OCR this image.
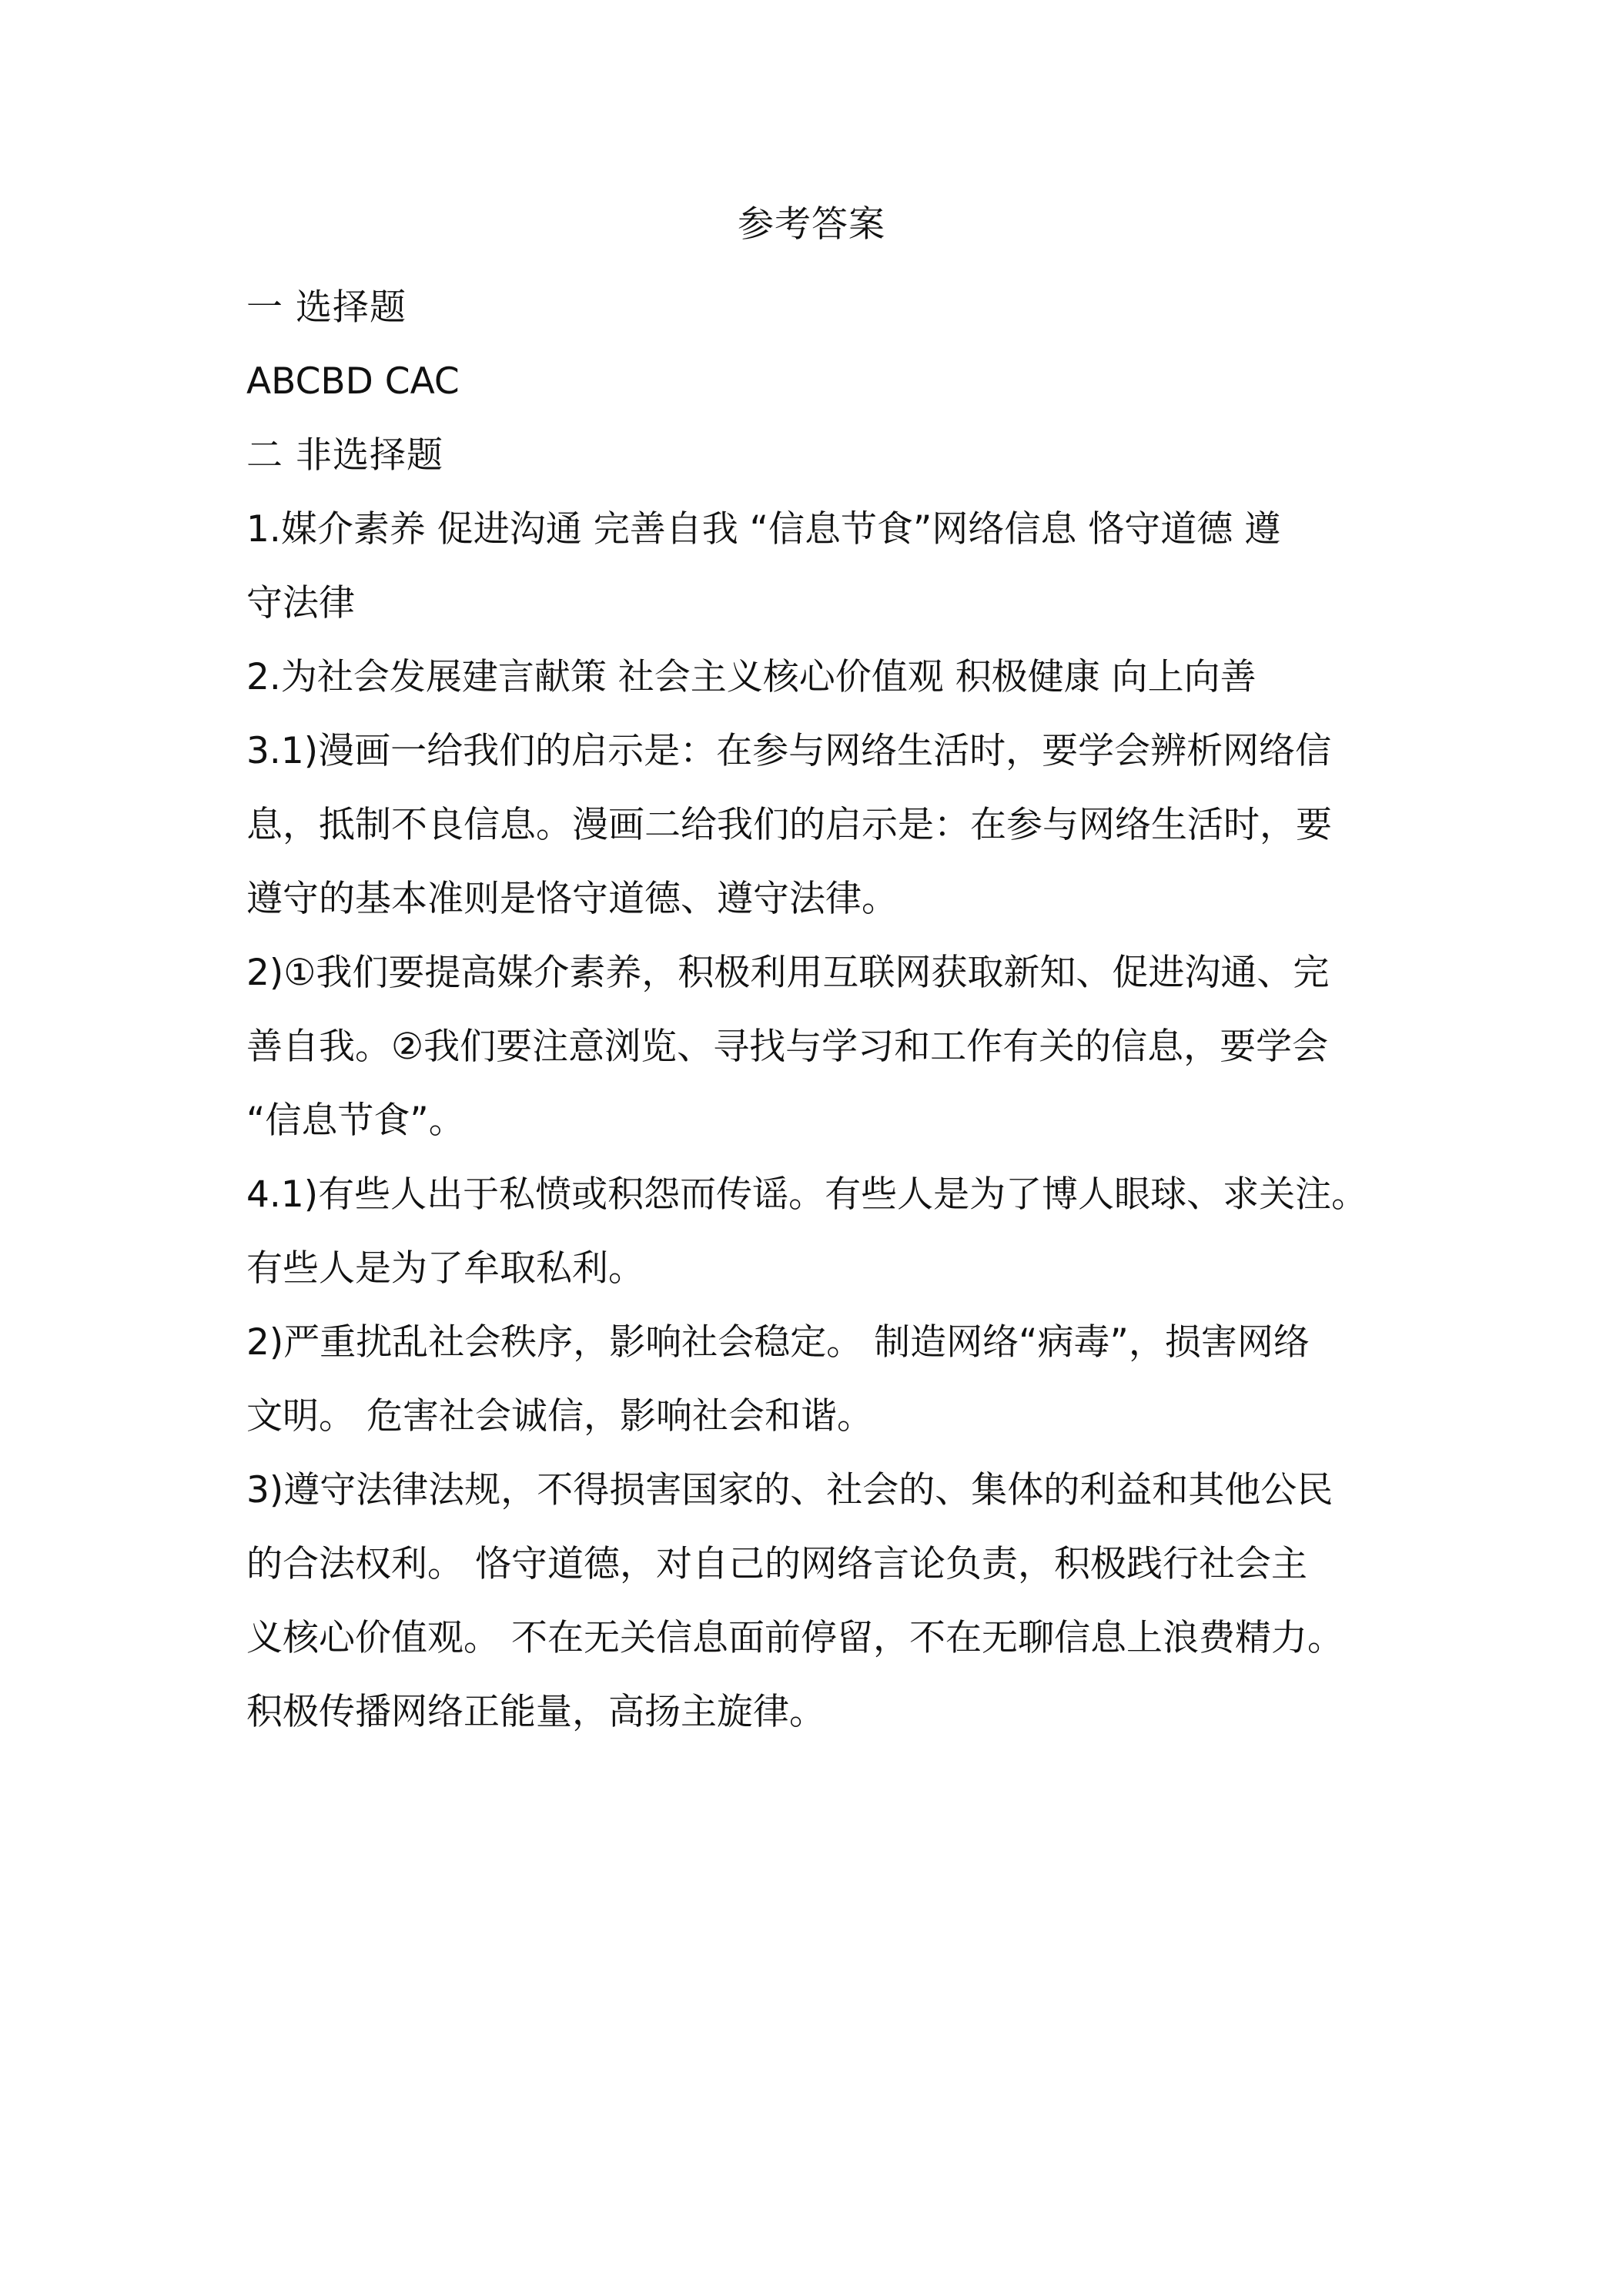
参考答案
一 选择题
ABCBD CAC
二 非选择题
1.媒介素养 促进沟通 完善自我 “信息节食”网络信息 恪守道德 遵
守法律
2.为社会发展建言献策 社会主义核心价值观 积极健康 向上向善
3.1)漫画一给我们的启示是：在参与网络生活时，要学会辨析网络信
息，抵制不良信息。漫画二给我们的启示是：在参与网络生活时，要
遵守的基本准则是恪守道德、遵守法律。
2)①我们要提高媒介素养，积极利用互联网获取新知、促进沟通、完
善自我。②我们要注意浏览、寻找与学习和工作有关的信息，要学会
“信息节食”。
4.1)有些人出于私愤或积怨而传谣。有些人是为了博人眼球、求关注。
有些人是为了牟取私利。
2)严重扰乱社会秩序，影响社会稳定。 制造网络“病毒”，损害网络
文明。 危害社会诚信，影响社会和谐。
3)遵守法律法规，不得损害国家的、社会的、集体的利益和其他公民
的合法权利。 恪守道德，对自己的网络言论负责，积极践行社会主
义核心价值观。 不在无关信息面前停留，不在无聊信息上浪费精力。
积极传播网络正能量，高扬主旋律。
